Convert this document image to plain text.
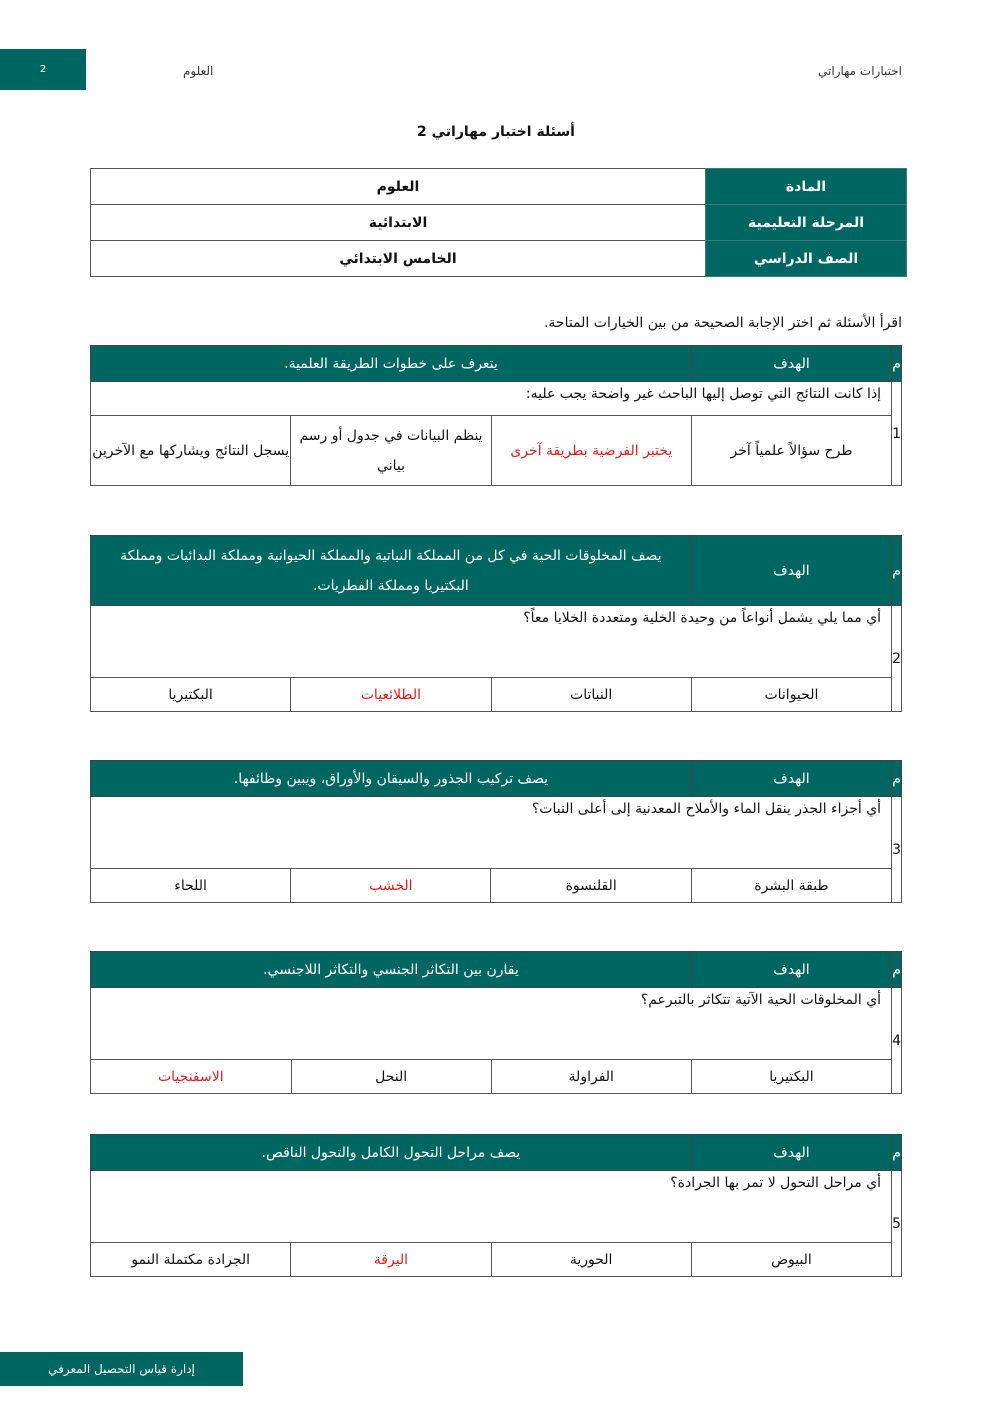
2	العلوم	اختبارات مهاراتي
أسئلة اختبار مهاراتي 2
المادة	العلوم
المرحلة التعليمية	الابتدائية
الصف الدراسي	الخامس الابتدائي
اقرأ الأسئلة ثم اختر الإجابة الصحيحة من بين الخيارات المتاحة.
م	الهدف	يتعرف على خطوات الطريقة العلمية.		
1	إذا كانت النتائج التي توصل إليها الباحث غير واضحة يجب عليه:			
	طرح سؤالاً علمياً آخر	يختبر الفرضية بطريقة آخرى	ينظم البيانات في جدول أو رسم بياني	يسجل النتائج ويشاركها مع الآخرين
م	الهدف	يصف المخلوقات الحية في كل من المملكة النباتية والمملكة الحيوانية ومملكة البدائيات ومملكة البكتيريا ومملكة الفطريات.		
2	أي مما يلي يشمل أنواعاً من وحيدة الخلية ومتعددة الخلايا معاً؟			
	الحيوانات	النباتات	الطلائعيات	البكتيريا
م	الهدف	يصف تركيب الجذور والسيقان والأوراق، ويبين وظائفها.		
3	أي أجزاء الجذر ينقل الماء والأملاح المعدنية إلى أعلى النبات؟			
	طبقة البشرة	القلنسوة	الخشب	اللحاء
م	الهدف	يقارن بين التكاثر الجنسي والتكاثر اللاجنسي.		
4	أي المخلوقات الحية الآتية تتكاثر بالتبرعم؟			
	البكتيريا	الفراولة	النحل	الاسفنجيات
م	الهدف	يصف مراحل التحول الكامل والتحول الناقص.		
5	أي مراحل التحول لا تمر بها الجرادة؟			
	البيوض	الحورية	اليرقة	الجرادة مكتملة النمو
إدارة قياس التحصيل المعرفي
